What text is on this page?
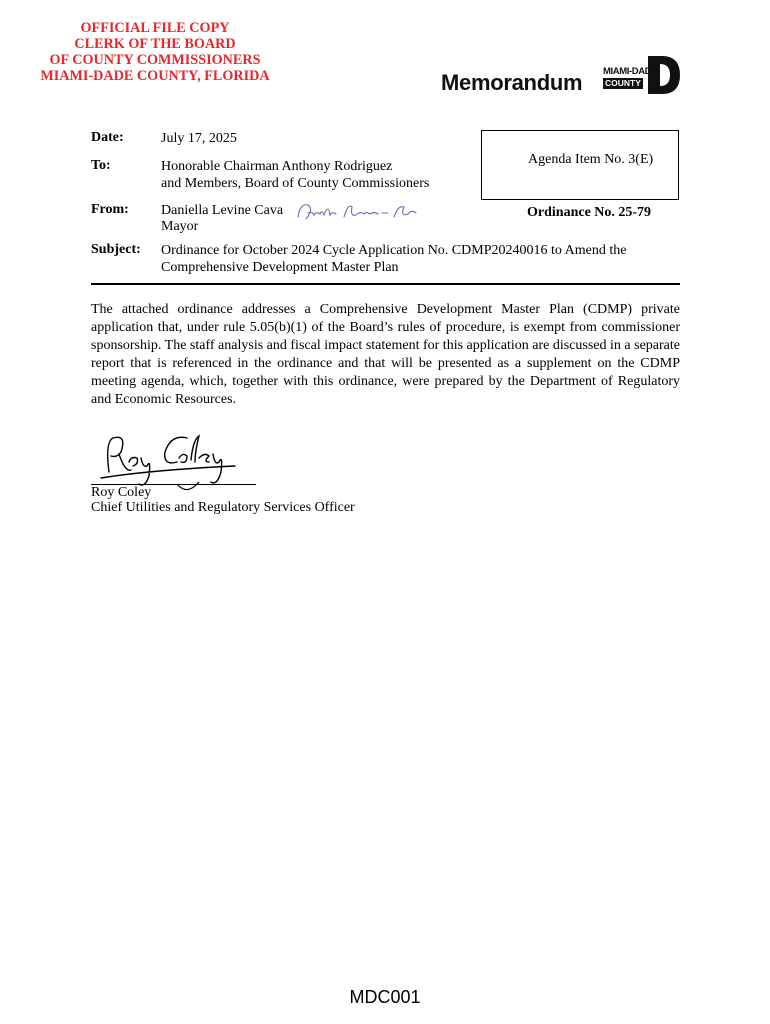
OFFICIAL FILE COPY
CLERK OF THE BOARD
OF COUNTY COMMISSIONERS
MIAMI-DADE COUNTY, FLORIDA	Memorandum MIAMI-DADE
COUNTY
Date:	July 17, 2025
To:	Honorable Chairman Anthony Rodriguez
and Members, Board of County Commissioners
From: Daniella Levine Cava
Mayor
Subject: Ordinance for October 2024 Cycle Application No. CDMP20240016 to Amend the
Comprehensive Development Master Plan
Agenda Item No. 3(E)
Ordinance No. 25-79
The attached ordinance addresses a Comprehensive Development Master Plan (CDMP) private application that, under rule 5.05(b)(1) of the Board’s rules of procedure, is exempt from commissioner sponsorship. The staff analysis and fiscal impact statement for this application are discussed in a separate report that is referenced in the ordinance and that will be presented as a supplement on the CDMP meeting agenda, which, together with this ordinance, were prepared by the Department of Regulatory and Economic Resources.
Roy Coley
Chief Utilities and Regulatory Services Officer
MDC001
